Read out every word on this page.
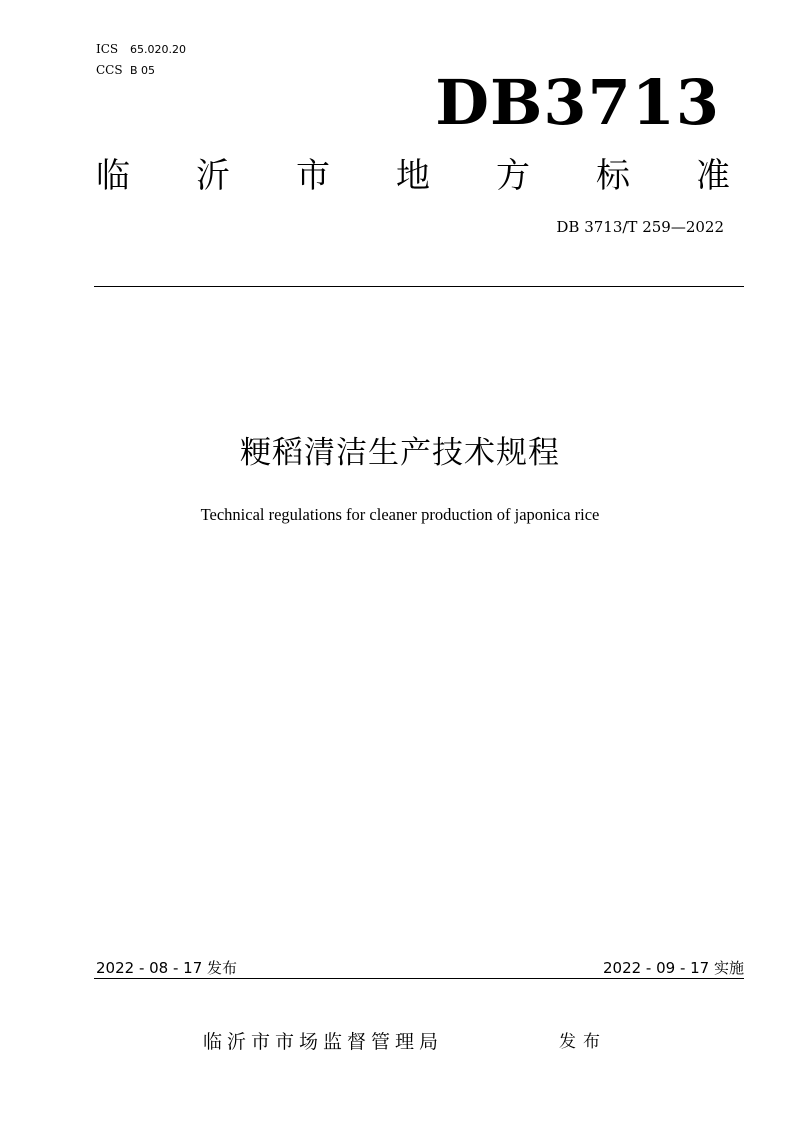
ICS 65.020.20
CCS B 05	DB3713
临 沂 市 地 方 标 准
DB 3713/T 259—2022
粳稻清洁生产技术规程
Technical regulations for cleaner production of japonica rice
2022 - 08 - 17 发布	2022 - 09 - 17 实施
临沂市市场监督管理局	发布
